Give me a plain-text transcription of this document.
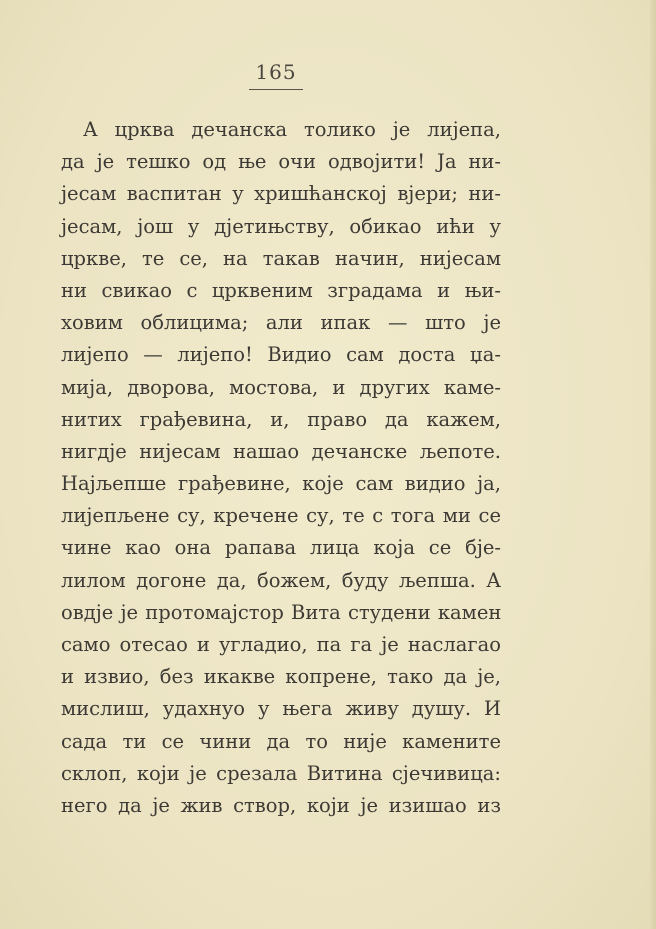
165
А црква дечанска толико је лијепа,
да је тешко од ње очи одвојити! Ја ни-
јесам васпитан у хришћанској вјери; ни-
јесам, још у дјетињству, обикао ићи у
цркве, те се, на такав начин, нијесам
ни свикао с црквеним зградама и њи-
ховим облицима; али ипак — што је
лијепо — лијепо! Видио сам доста џа-
мија, дворова, мостова, и других каме-
нитих грађевина, и, право да кажем,
нигдје нијесам нашао дечанске љепоте.
Најљепше грађевине, које сам видио ја,
лијепљене су, кречене су, те с тога ми се
чине као она рапава лица која се бје-
лилом догоне да, божем, буду љепша. А
овдје је протомајстор Вита студени камен
само отесао и угладио, па га је наслагао
и извио, без икакве копрене, тако да је,
мислиш, удахнуо у њега живу душу. И
сада ти се чини да то није камените
склоп, који је срезала Витина сјечивица:
него да је жив створ, који је изишао из
